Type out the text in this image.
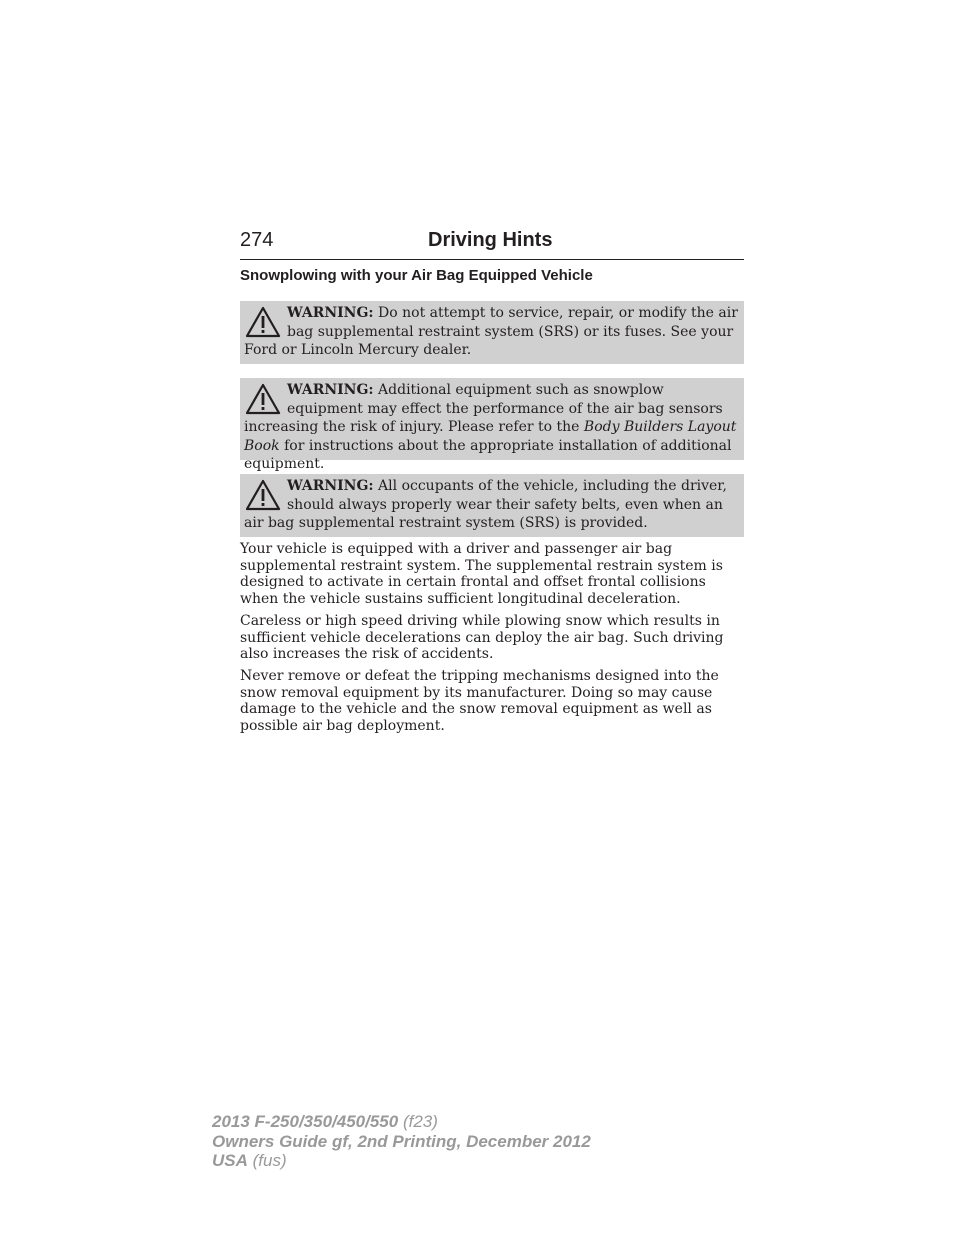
274	Driving Hints
Snowplowing with your Air Bag Equipped Vehicle
WARNING: Do not attempt to service, repair, or modify the air bag supplemental restraint system (SRS) or its fuses. See your Ford or Lincoln Mercury dealer.
WARNING: Additional equipment such as snowplow equipment may effect the performance of the air bag sensors increasing the risk of injury. Please refer to the Body Builders Layout Book for instructions about the appropriate installation of additional equipment.
WARNING: All occupants of the vehicle, including the driver, should always properly wear their safety belts, even when an air bag supplemental restraint system (SRS) is provided.

Your vehicle is equipped with a driver and passenger air bag supplemental restraint system. The supplemental restrain system is designed to activate in certain frontal and offset frontal collisions when the vehicle sustains sufficient longitudinal deceleration.

Careless or high speed driving while plowing snow which results in sufficient vehicle decelerations can deploy the air bag. Such driving also increases the risk of accidents.

Never remove or defeat the tripping mechanisms designed into the snow removal equipment by its manufacturer. Doing so may cause damage to the vehicle and the snow removal equipment as well as possible air bag deployment.

2013 F-250/350/450/550 (f23)
Owners Guide gf, 2nd Printing, December 2012
USA (fus)
